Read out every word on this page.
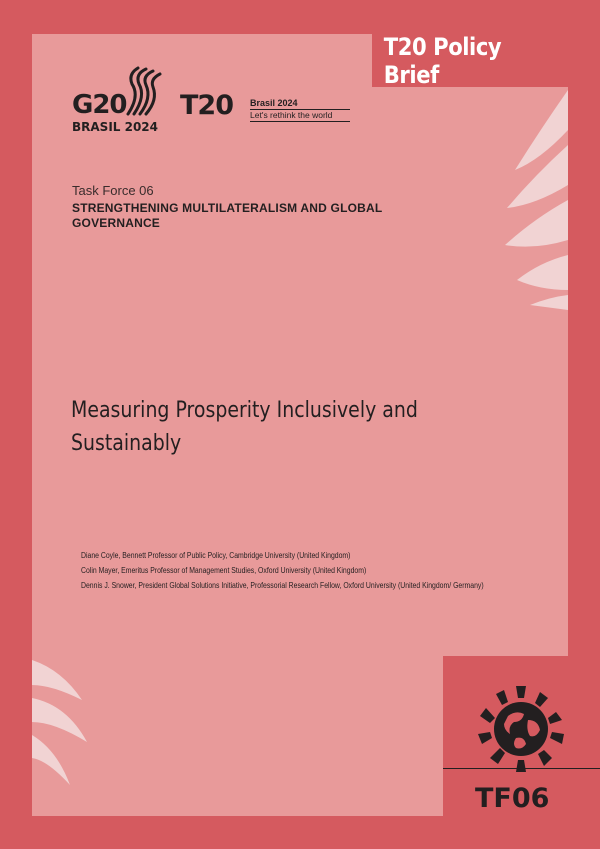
T20 Policy Brief
G20
BRASIL 2024
T20 Brasil 2024
Let's rethink the world
Task Force 06
STRENGTHENING MULTILATERALISM AND GLOBAL GOVERNANCE
Measuring Prosperity Inclusively and Sustainably
Diane Coyle, Bennett Professor of Public Policy, Cambridge University (United Kingdom)
Colin Mayer, Emeritus Professor of Management Studies, Oxford University (United Kingdom)
Dennis J. Snower, President Global Solutions Initiative, Professorial Research Fellow, Oxford University (United Kingdom/ Germany)
TF06
